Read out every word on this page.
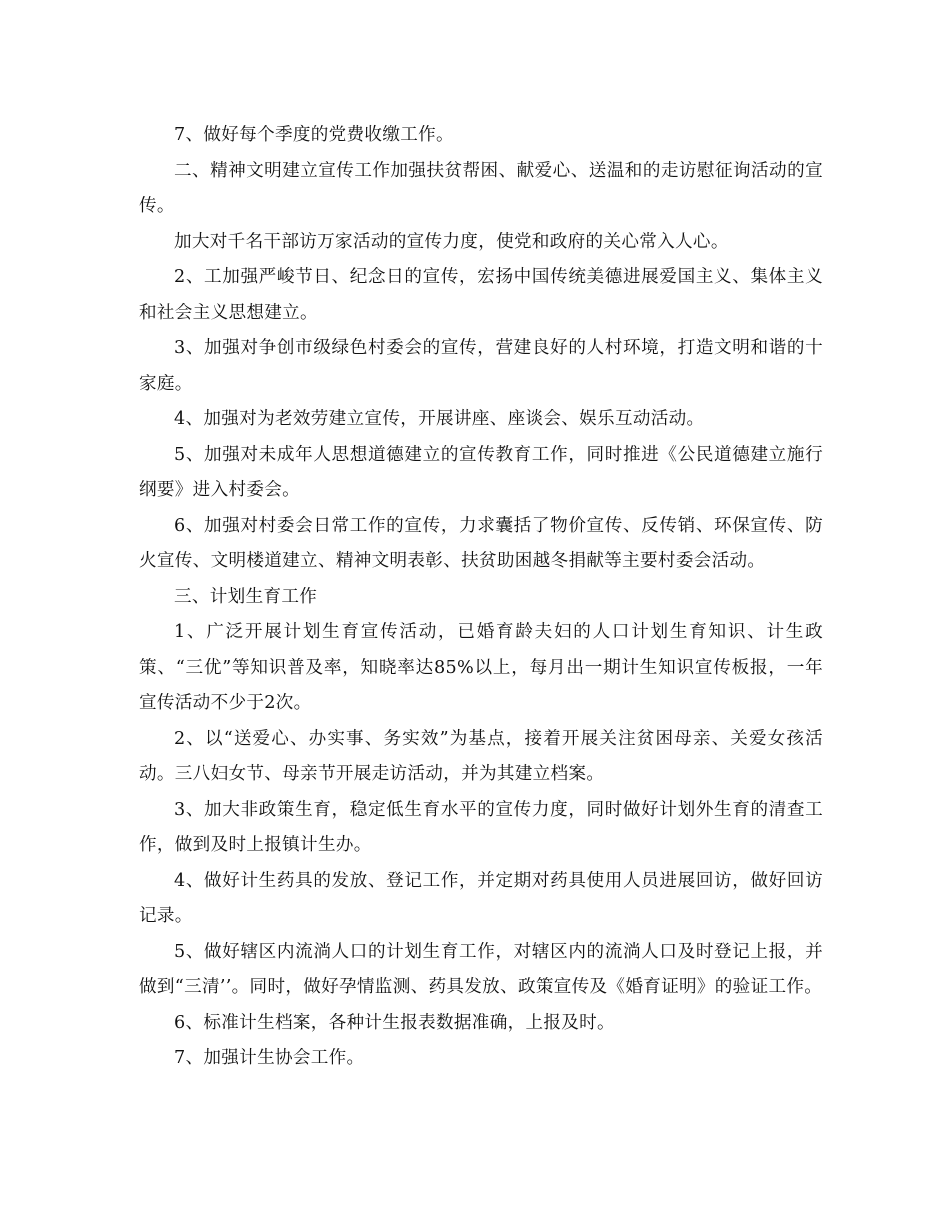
7、做好每个季度的党费收缴工作。

二、精神文明建立宣传工作加强扶贫帮困、献爱心、送温和的走访慰征询活动的宣传。

加大对千名干部访万家活动的宣传力度，使党和政府的关心常入人心。

2、工加强严峻节日、纪念日的宣传，宏扬中国传统美德进展爱国主义、集体主义和社会主义思想建立。

3、加强对争创市级绿色村委会的宣传，营建良好的人村环境，打造文明和谐的十家庭。

4、加强对为老效劳建立宣传，开展讲座、座谈会、娱乐互动活动。

5、加强对未成年人思想道德建立的宣传教育工作，同时推进《公民道德建立施行纲要》进入村委会。

6、加强对村委会日常工作的宣传，力求囊括了物价宣传、反传销、环保宣传、防火宣传、文明楼道建立、精神文明表彰、扶贫助困越冬捐献等主要村委会活动。

三、计划生育工作

1、广泛开展计划生育宣传活动，已婚育龄夫妇的人口计划生育知识、计生政策、“三优”等知识普及率，知晓率达85%以上，每月出一期计生知识宣传板报，一年宣传活动不少于2次。

2、以“送爱心、办实事、务实效”为基点，接着开展关注贫困母亲、关爱女孩活动。三八妇女节、母亲节开展走访活动，并为其建立档案。

3、加大非政策生育，稳定低生育水平的宣传力度，同时做好计划外生育的清查工作，做到及时上报镇计生办。

4、做好计生药具的发放、登记工作，并定期对药具使用人员进展回访，做好回访记录。

5、做好辖区内流淌人口的计划生育工作，对辖区内的流淌人口及时登记上报，并做到“三清’’。同时，做好孕情监测、药具发放、政策宣传及《婚育证明》的验证工作。

6、标准计生档案，各种计生报表数据准确，上报及时。

7、加强计生协会工作。
